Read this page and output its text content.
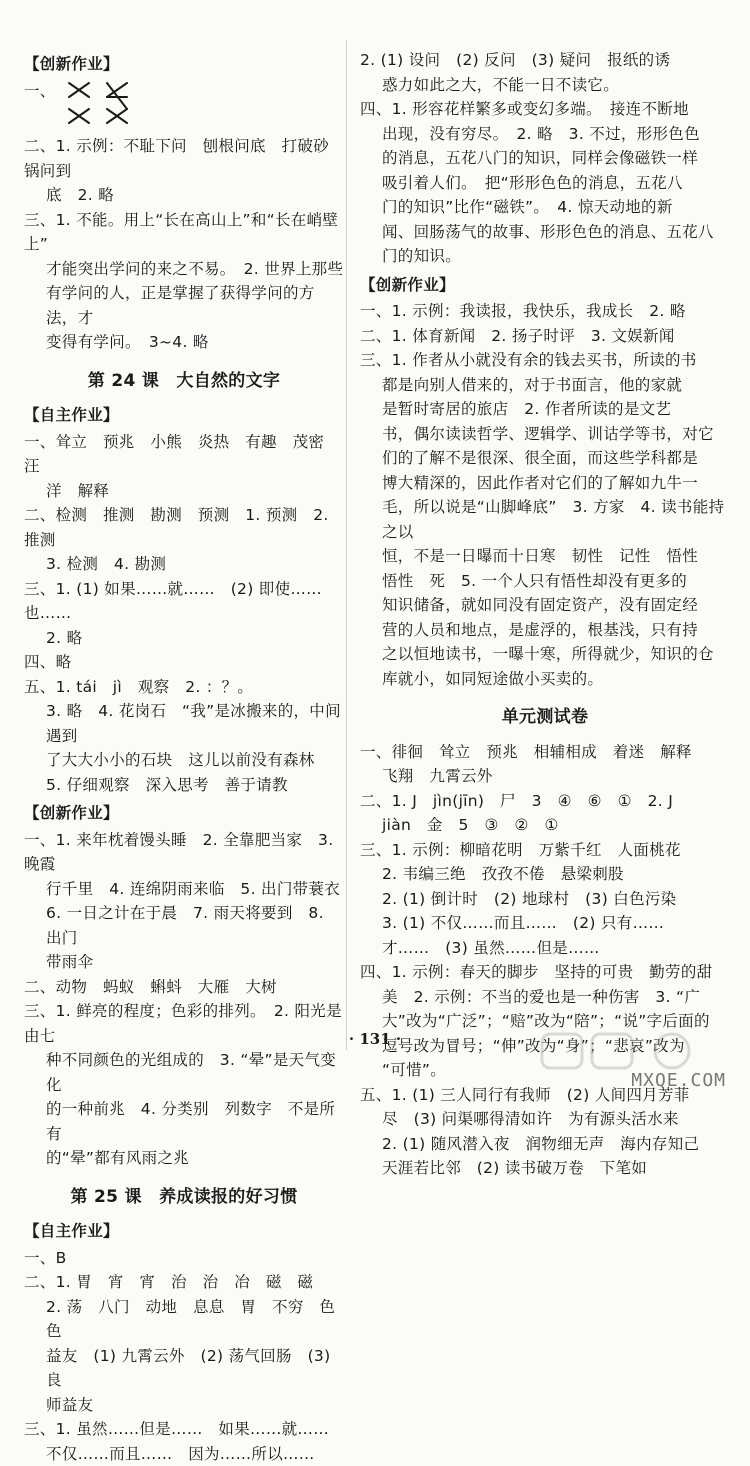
【创新作业】
一、
二、1. 示例：不耻下问　刨根问底　打破砂锅问到
底　2. 略
三、1. 不能。用上“长在高山上”和“长在峭壁上”
才能突出学问的来之不易。　2. 世界上那些
有学问的人，正是掌握了获得学问的方法，才
变得有学问。　3~4. 略
第 24 课　大自然的文字
【自主作业】
一、耸立　预兆　小熊　炎热　有趣　茂密　汪
洋　解释
二、检测　推测　勘测　预测　1. 预测　2. 推测
3. 检测　4. 勘测
三、1. (1) 如果……就……　(2) 即使……也……
2. 略
四、略
五、1. tái　jì　观察　2. ：？。
3. 略　4. 花岗石　“我”是冰搬来的，中间遇到
了大大小小的石块　这儿以前没有森林
5. 仔细观察　深入思考　善于请教
【创新作业】
一、1. 来年枕着馒头睡　2. 全靠肥当家　3. 晚霞
行千里　4. 连绵阴雨来临　5. 出门带蓑衣
6. 一日之计在于晨　7. 雨天将要到　8. 出门
带雨伞
二、动物　蚂蚁　蝌蚪　大雁　大树
三、1. 鲜亮的程度；色彩的排列。　2. 阳光是由七
种不同颜色的光组成的　3. “晕”是天气变化
的一种前兆　4. 分类别　列数字　不是所有
的“晕”都有风雨之兆
第 25 课　养成读报的好习惯
【自主作业】
一、B
二、1. 胃　宵　宵　治　治　冶　磁　磁
2. 荡　八门　动地　息息　胃　不穷　色色
益友　(1) 九霄云外　(2) 荡气回肠　(3) 良
师益友
三、1. 虽然……但是……　如果……就……
不仅……而且……　因为……所以……
2. (1) 设问　(2) 反问　(3) 疑问　报纸的诱
惑力如此之大，不能一日不读它。
四、1. 形容花样繁多或变幻多端。　接连不断地
出现，没有穷尽。　2. 略　3. 不过，形形色色
的消息，五花八门的知识，同样会像磁铁一样
吸引着人们。　把“形形色色的消息，五花八
门的知识”比作“磁铁”。　4. 惊天动地的新
闻、回肠荡气的故事、形形色色的消息、五花八
门的知识。
【创新作业】
一、1. 示例：我读报，我快乐，我成长　2. 略
二、1. 体育新闻　2. 扬子时评　3. 文娱新闻
三、1. 作者从小就没有余的钱去买书，所读的书
都是向别人借来的，对于书面言，他的家就
是暂时寄居的旅店　2. 作者所读的是文艺
书，偶尔读读哲学、逻辑学、训诂学等书，对它
们的了解不是很深、很全面，而这些学科都是
博大精深的，因此作者对它们的了解如九牛一
毛，所以说是“山脚峰底”　3. 方家　4. 读书能持之以
恒，不是一日曝而十日寒　韧性　记性　悟性
悟性　死　5. 一个人只有悟性却没有更多的
知识储备，就如同没有固定资产，没有固定经
营的人员和地点，是虚浮的，根基浅，只有持
之以恒地读书，一曝十寒，所得就少，知识的仓
库就小，如同短途做小买卖的。
单元测试卷
一、徘徊　耸立　预兆　相辅相成　着迷　解释
飞翔　九霄云外
二、1. J　jìn(jīn)　尸　3　④　⑥　①　2. J
jiàn　金　5　③　②　①
三、1. 示例：柳暗花明　万紫千红　人面桃花
2. 韦编三绝　孜孜不倦　悬梁刺股
2. (1) 倒计时　(2) 地球村　(3) 白色污染
3. (1) 不仅……而且……　(2) 只有……
才……　(3) 虽然……但是……
四、1. 示例：春天的脚步　坚持的可贵　勤劳的甜
美　2. 示例：不当的爱也是一种伤害　3. “广
大”改为“广泛”；“赔”改为“陪”；“说”字后面的
逗号改为冒号；“伸”改为“身”；“悲哀”改为
“可惜”。
五、1. (1) 三人同行有我师　(2) 人间四月芳菲
尽　(3) 问渠哪得清如许　为有源头活水来
2. (1) 随风潜入夜　润物细无声　海内存知己
天涯若比邻　(2) 读书破万卷　下笔如
· 131 ·
MXQE.COM
